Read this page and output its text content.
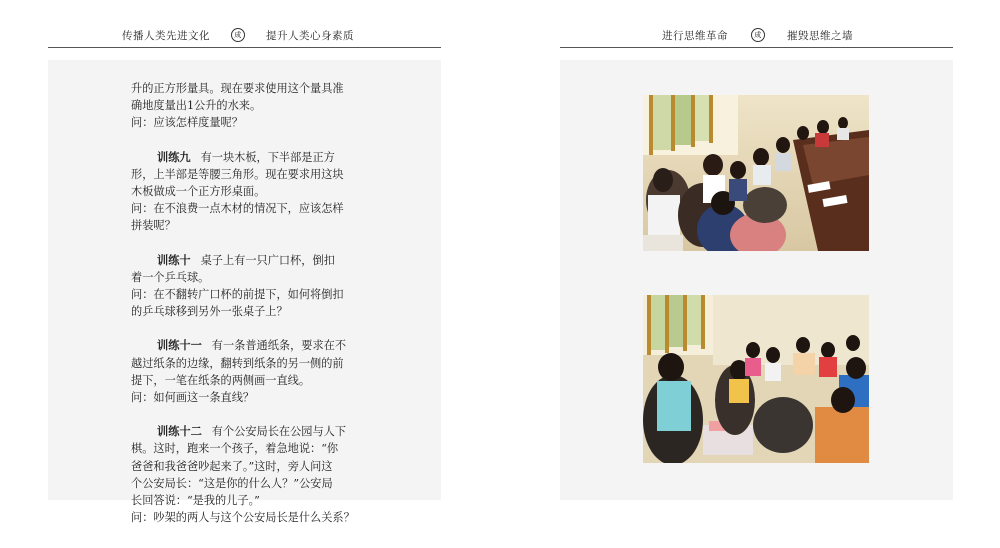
传播人类先进文化	成	提升人类心身素质	进行思维革命	成	摧毁思维之墙

升的正方形量具。现在要求使用这个量具准

确地度量出1公升的水来。

问：应该怎样度量呢？

训练九 有一块木板，下半部是正方

形，上半部是等腰三角形。现在要求用这块

木板做成一个正方形桌面。

问：在不浪费一点木材的情况下，应该怎样

拼装呢？

训练十 桌子上有一只广口杯，倒扣

着一个乒乓球。

问：在不翻转广口杯的前提下，如何将倒扣

的乒乓球移到另外一张桌子上？

训练十一 有一条普通纸条，要求在不

越过纸条的边缘，翻转到纸条的另一侧的前

提下，一笔在纸条的两侧画一直线。

问：如何画这一条直线？

训练十二 有个公安局长在公园与人下

棋。这时，跑来一个孩子，着急地说：“你

爸爸和我爸爸吵起来了。”这时，旁人问这

个公安局长：“这是你的什么人？”公安局

长回答说：“是我的儿子。”

问：吵架的两人与这个公安局长是什么关系？
